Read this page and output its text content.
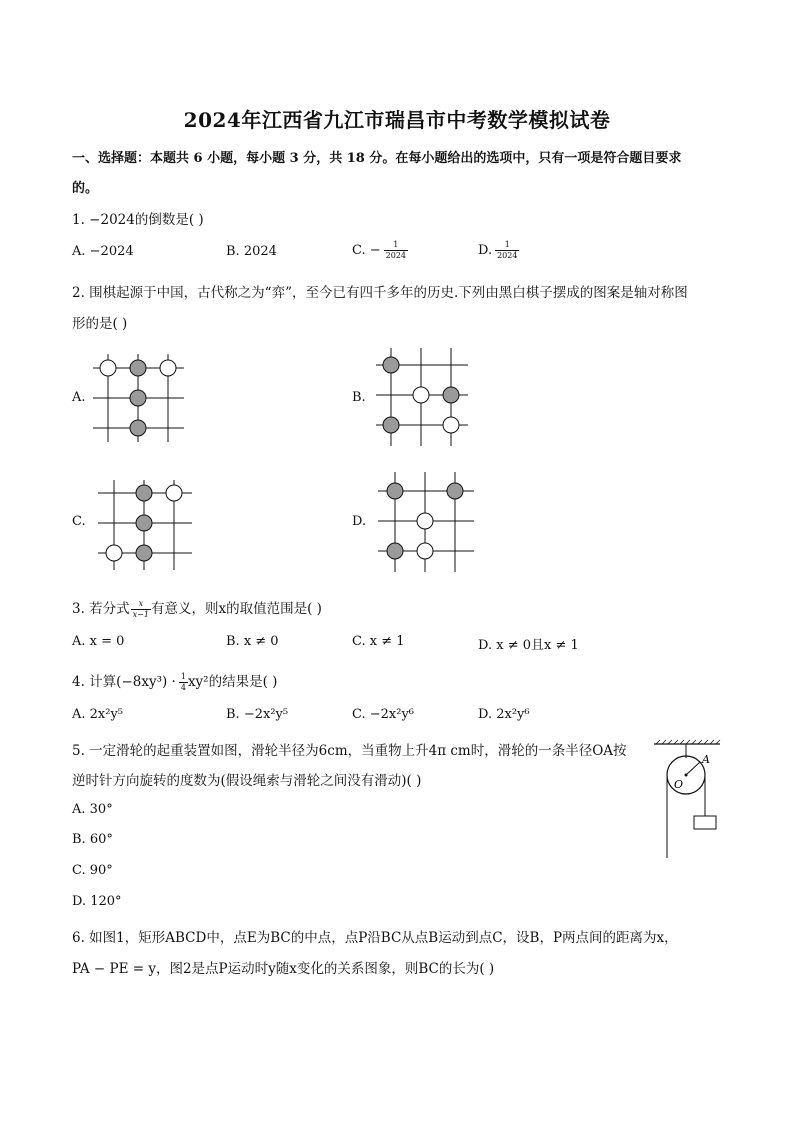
2024年江西省九江市瑞昌市中考数学模拟试卷
一、选择题：本题共 6 小题，每小题 3 分，共 18 分。在每小题给出的选项中，只有一项是符合题目要求
的。
1. −2024的倒数是( )
A. −2024	B. 2024	C. − $\frac{1}{2024}$	D. $\frac{1}{2024}$
2. 围棋起源于中国，古代称之为“弈”，至今已有四千多年的历史.下列由黑白棋子摆成的图案是轴对称图
形的是( )
A.	B.
C.	D.
3. 若分式 $\frac{x}{x-1}$ 有意义，则x的取值范围是( )
A. x = 0	B. x ≠ 0	C. x ≠ 1	D. x ≠ 0且x ≠ 1
4. 计算$(-8xy^3) \cdot \frac{1}{4} xy^2$的结果是( )
A. 2x²y⁵	B. −2x²y⁵	C. −2x²y⁶	D. 2x²y⁶
5. 一定滑轮的起重装置如图，滑轮半径为6cm，当重物上升4π cm时，滑轮的一条半径OA按
逆时针方向旋转的度数为(假设绳索与滑轮之间没有滑动)( )
A. 30°
B. 60°
C. 90°
D. 120°
O
A
6. 如图1，矩形ABCD中，点E为BC的中点，点P沿BC从点B运动到点C，设B，P两点间的距离为x，
PA − PE = y，图2是点P运动时y随x变化的关系图象，则BC的长为( )
